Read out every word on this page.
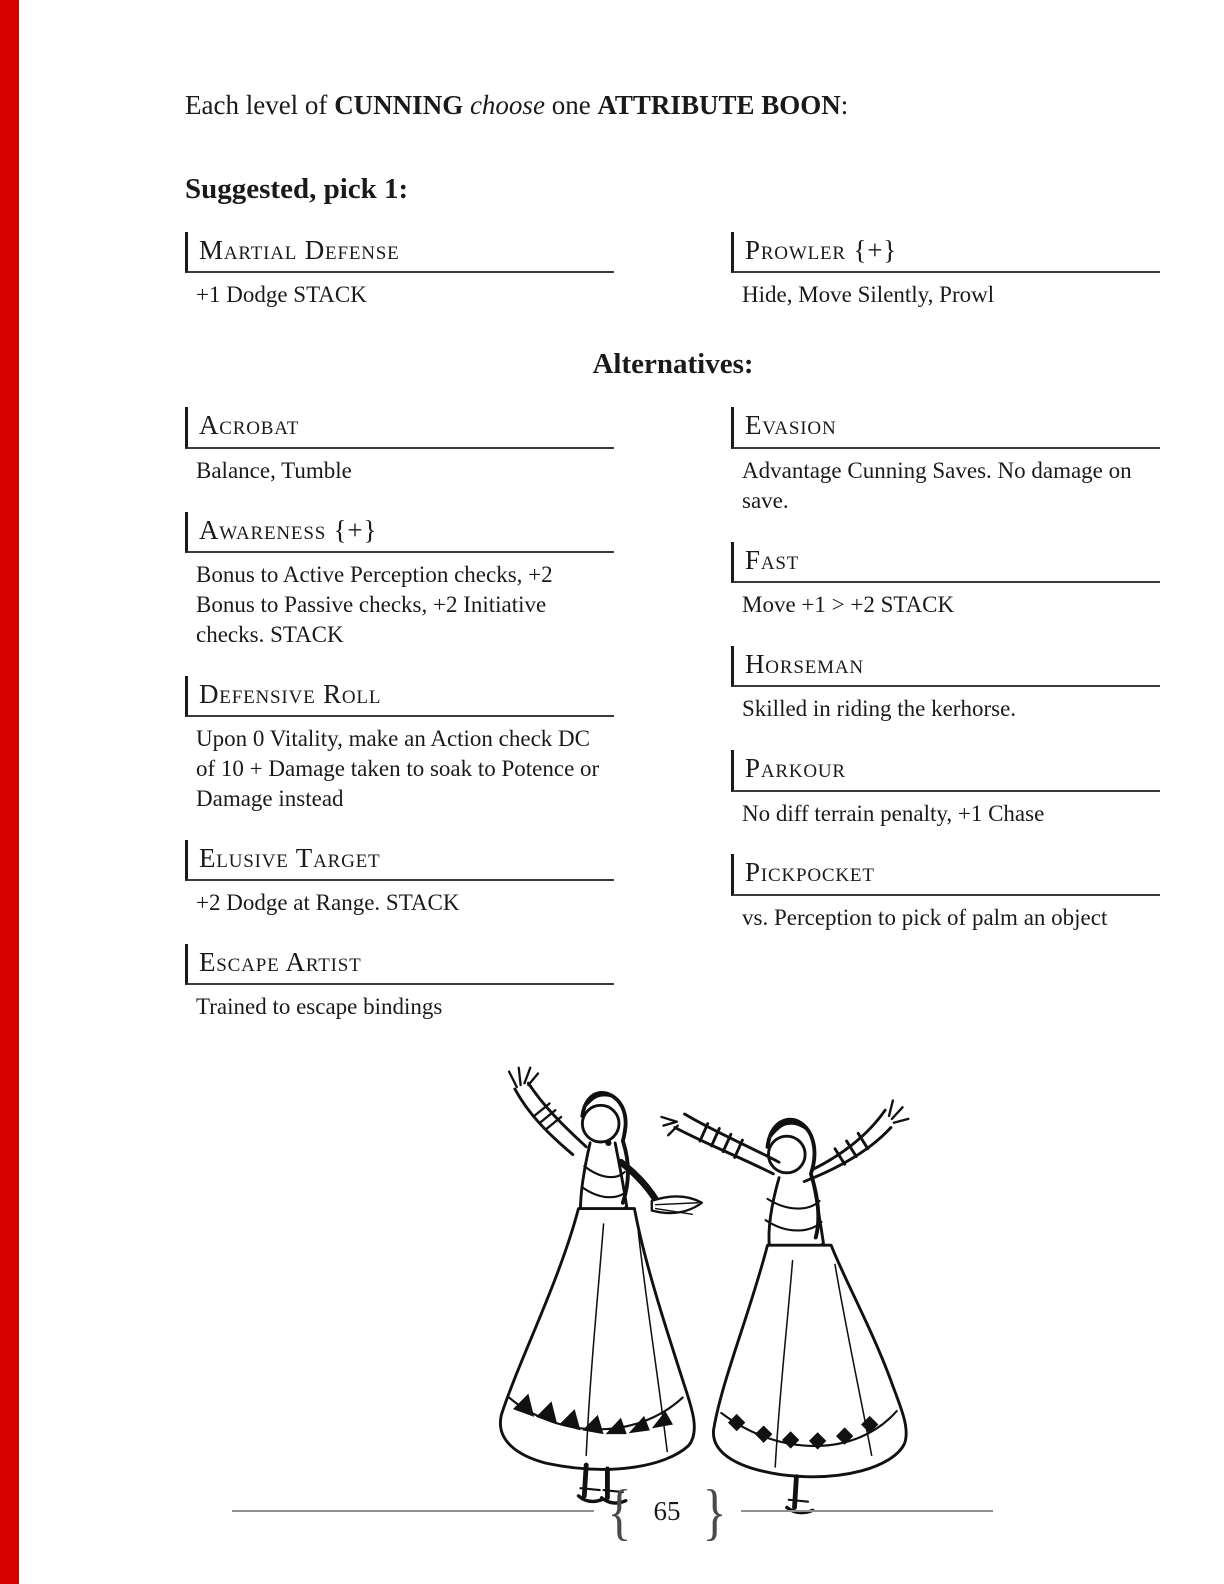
Each level of CUNNING choose one ATTRIBUTE BOON:

Suggested, pick 1:
Martial Defense
+1 Dodge STACK
Prowler {+}
Hide, Move Silently, Prowl
Alternatives:
Acrobat
Balance, Tumble
Awareness {+}
Bonus to Active Perception checks, +2 Bonus to Passive checks, +2 Initiative checks. STACK
Defensive Roll
Upon 0 Vitality, make an Action check DC of 10 + Damage taken to soak to Potence or Damage instead
Elusive Target
+2 Dodge at Range. STACK
Escape Artist
Trained to escape bindings
Evasion
Advantage Cunning Saves. No damage on save.
Fast
Move +1 > +2 STACK
Horseman
Skilled in riding the kerhorse.
Parkour
No diff terrain penalty, +1 Chase
Pickpocket
vs. Perception to pick of palm an object
{ 65 }
